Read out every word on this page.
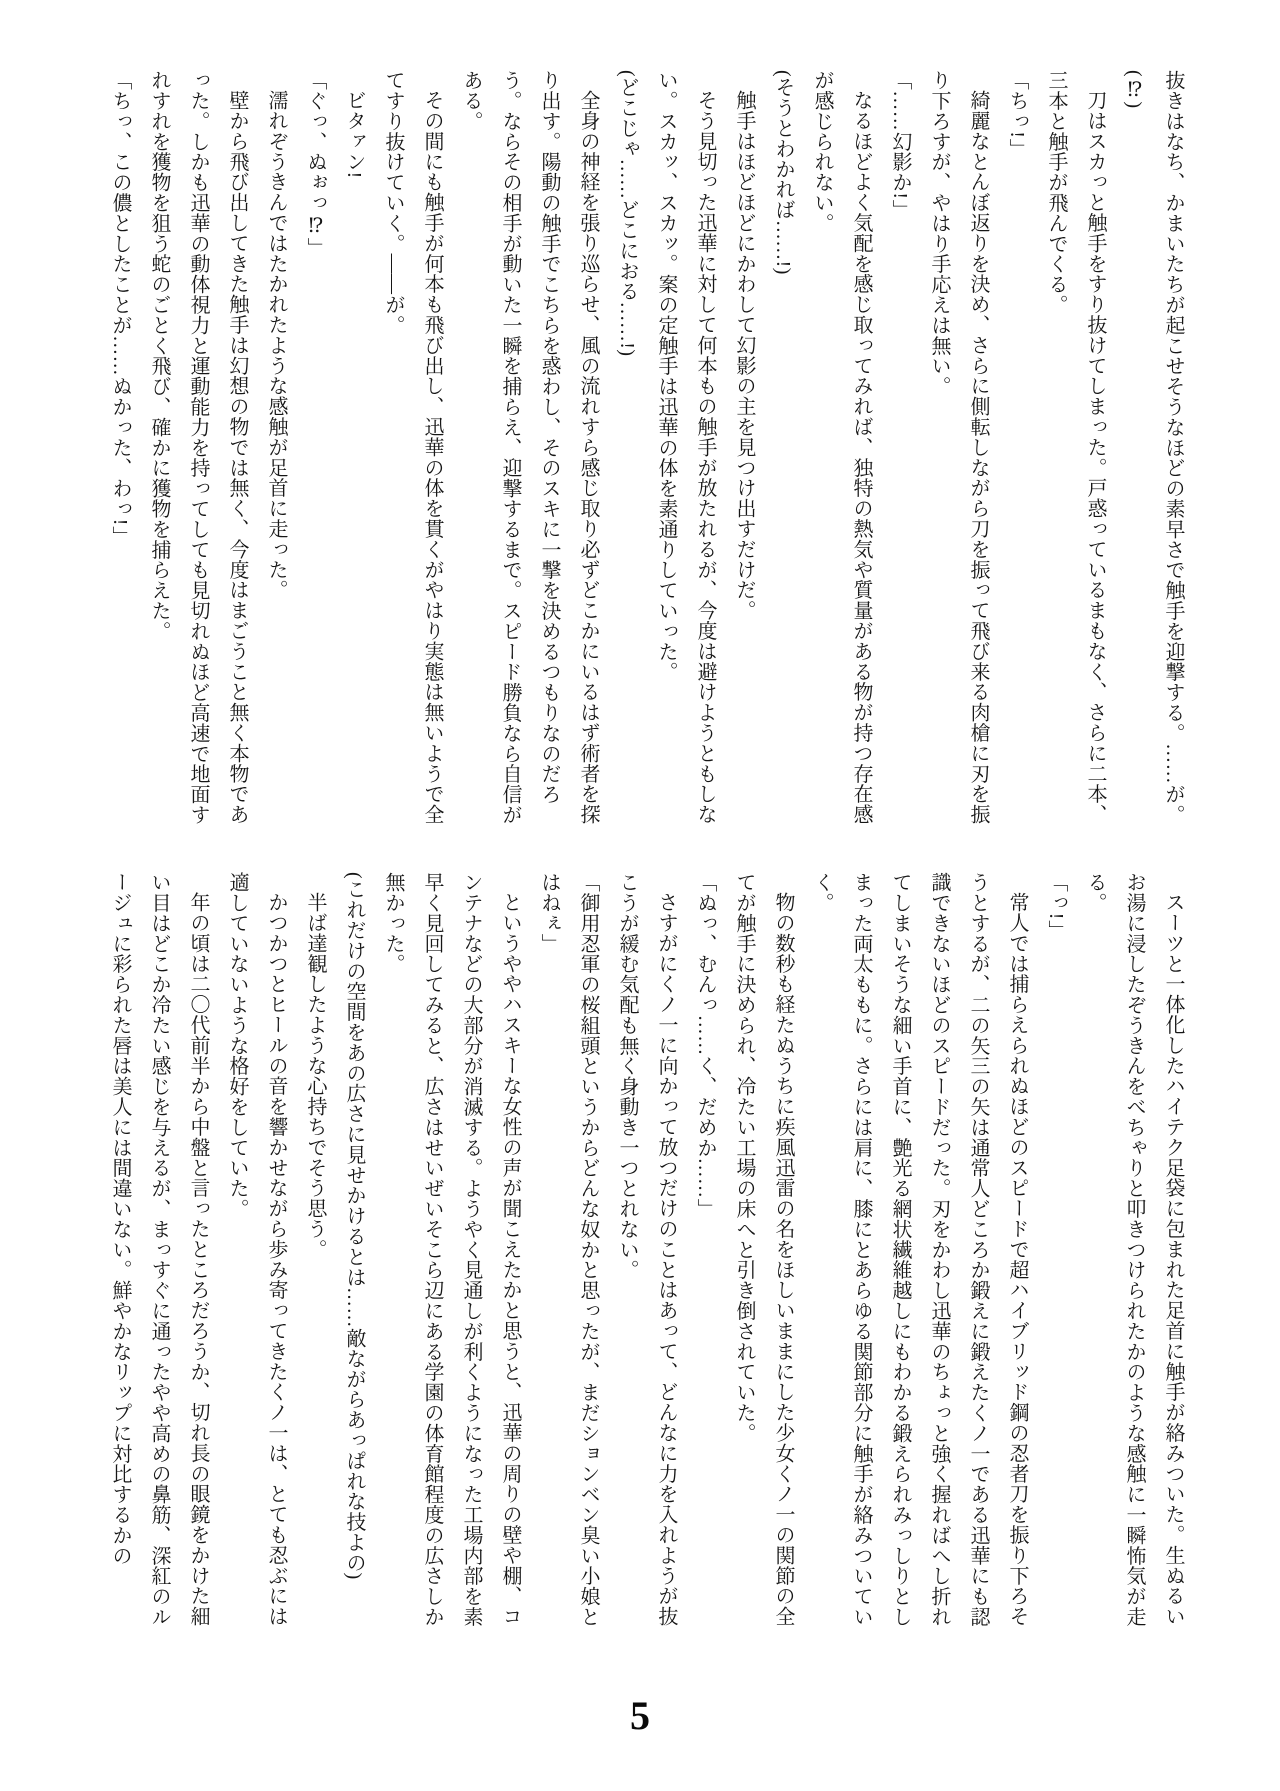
抜きはなち、かまいたちが起こせそうなほどの素早さで触手を迎撃する。……が。

(⁉)

刀はスカっと触手をすり抜けてしまった。戸惑っているまもなく、さらに二本、三本と触手が飛んでくる。

「ちっ!」

綺麗なとんぼ返りを決め、さらに側転しながら刀を振って飛び来る肉槍に刃を振り下ろすが、やはり手応えは無い。

「……幻影か!」

なるほどよく気配を感じ取ってみれば、独特の熱気や質量がある物が持つ存在感が感じられない。

(そうとわかれば……!)

触手はほどほどにかわして幻影の主を見つけ出すだけだ。

そう見切った迅華に対して何本もの触手が放たれるが、今度は避けようともしない。スカッ、スカッ。案の定触手は迅華の体を素通りしていった。

(どこじゃ……どこにおる……!)

全身の神経を張り巡らせ、風の流れすら感じ取り必ずどこかにいるはず術者を探り出す。陽動の触手でこちらを惑わし、そのスキに一撃を決めるつもりなのだろう。ならその相手が動いた一瞬を捕らえ、迎撃するまで。スピード勝負なら自信がある。

その間にも触手が何本も飛び出し、迅華の体を貫くがやはり実態は無いようで全てすり抜けていく。――が。

ビタァン!

「ぐっ、ぬぉっ⁉」

濡れぞうきんではたかれたような感触が足首に走った。

壁から飛び出してきた触手は幻想の物では無く、今度はまごうこと無く本物であった。しかも迅華の動体視力と運動能力を持ってしても見切れぬほど高速で地面すれすれを獲物を狙う蛇のごとく飛び、確かに獲物を捕らえた。

「ちっ、この儂としたことが……ぬかった、わっ!」

スーツと一体化したハイテク足袋に包まれた足首に触手が絡みついた。生ぬるいお湯に浸したぞうきんをべちゃりと叩きつけられたかのような感触に一瞬怖気が走る。

「っ!」

常人では捕らえられぬほどのスピードで超ハイブリッド鋼の忍者刀を振り下ろそうとするが、二の矢三の矢は通常人どころか鍛えに鍛えたくノ一である迅華にも認識できないほどのスピードだった。刃をかわし迅華のちょっと強く握ればへし折れてしまいそうな細い手首に、艶光る網状繊維越しにもわかる鍛えられみっしりとしまった両太ももに。さらには肩に、膝にとあらゆる関節部分に触手が絡みついていく。

物の数秒も経たぬうちに疾風迅雷の名をほしいままにした少女くノ一の関節の全てが触手に決められ、冷たい工場の床へと引き倒されていた。

「ぬっ、むんっ……く、だめか……」

さすがにくノ一に向かって放つだけのことはあって、どんなに力を入れようが抜こうが緩む気配も無く身動き一つとれない。

「御用忍軍の桜組頭というからどんな奴かと思ったが、まだションベン臭い小娘とはねぇ」

というややハスキーな女性の声が聞こえたかと思うと、迅華の周りの壁や棚、コンテナなどの大部分が消滅する。ようやく見通しが利くようになった工場内部を素早く見回してみると、広さはせいぜいそこら辺にある学園の体育館程度の広さしか無かった。

(これだけの空間をあの広さに見せかけるとは……敵ながらあっぱれな技よの)

半ば達観したような心持ちでそう思う。

かつかつとヒールの音を響かせながら歩み寄ってきたくノ一は、とても忍ぶには適していないような格好をしていた。

年の頃は二〇代前半から中盤と言ったところだろうか、切れ長の眼鏡をかけた細い目はどこか冷たい感じを与えるが、まっすぐに通ったやや高めの鼻筋、深紅のルージュに彩られた唇は美人には間違いない。鮮やかなリップに対比するかの

5
